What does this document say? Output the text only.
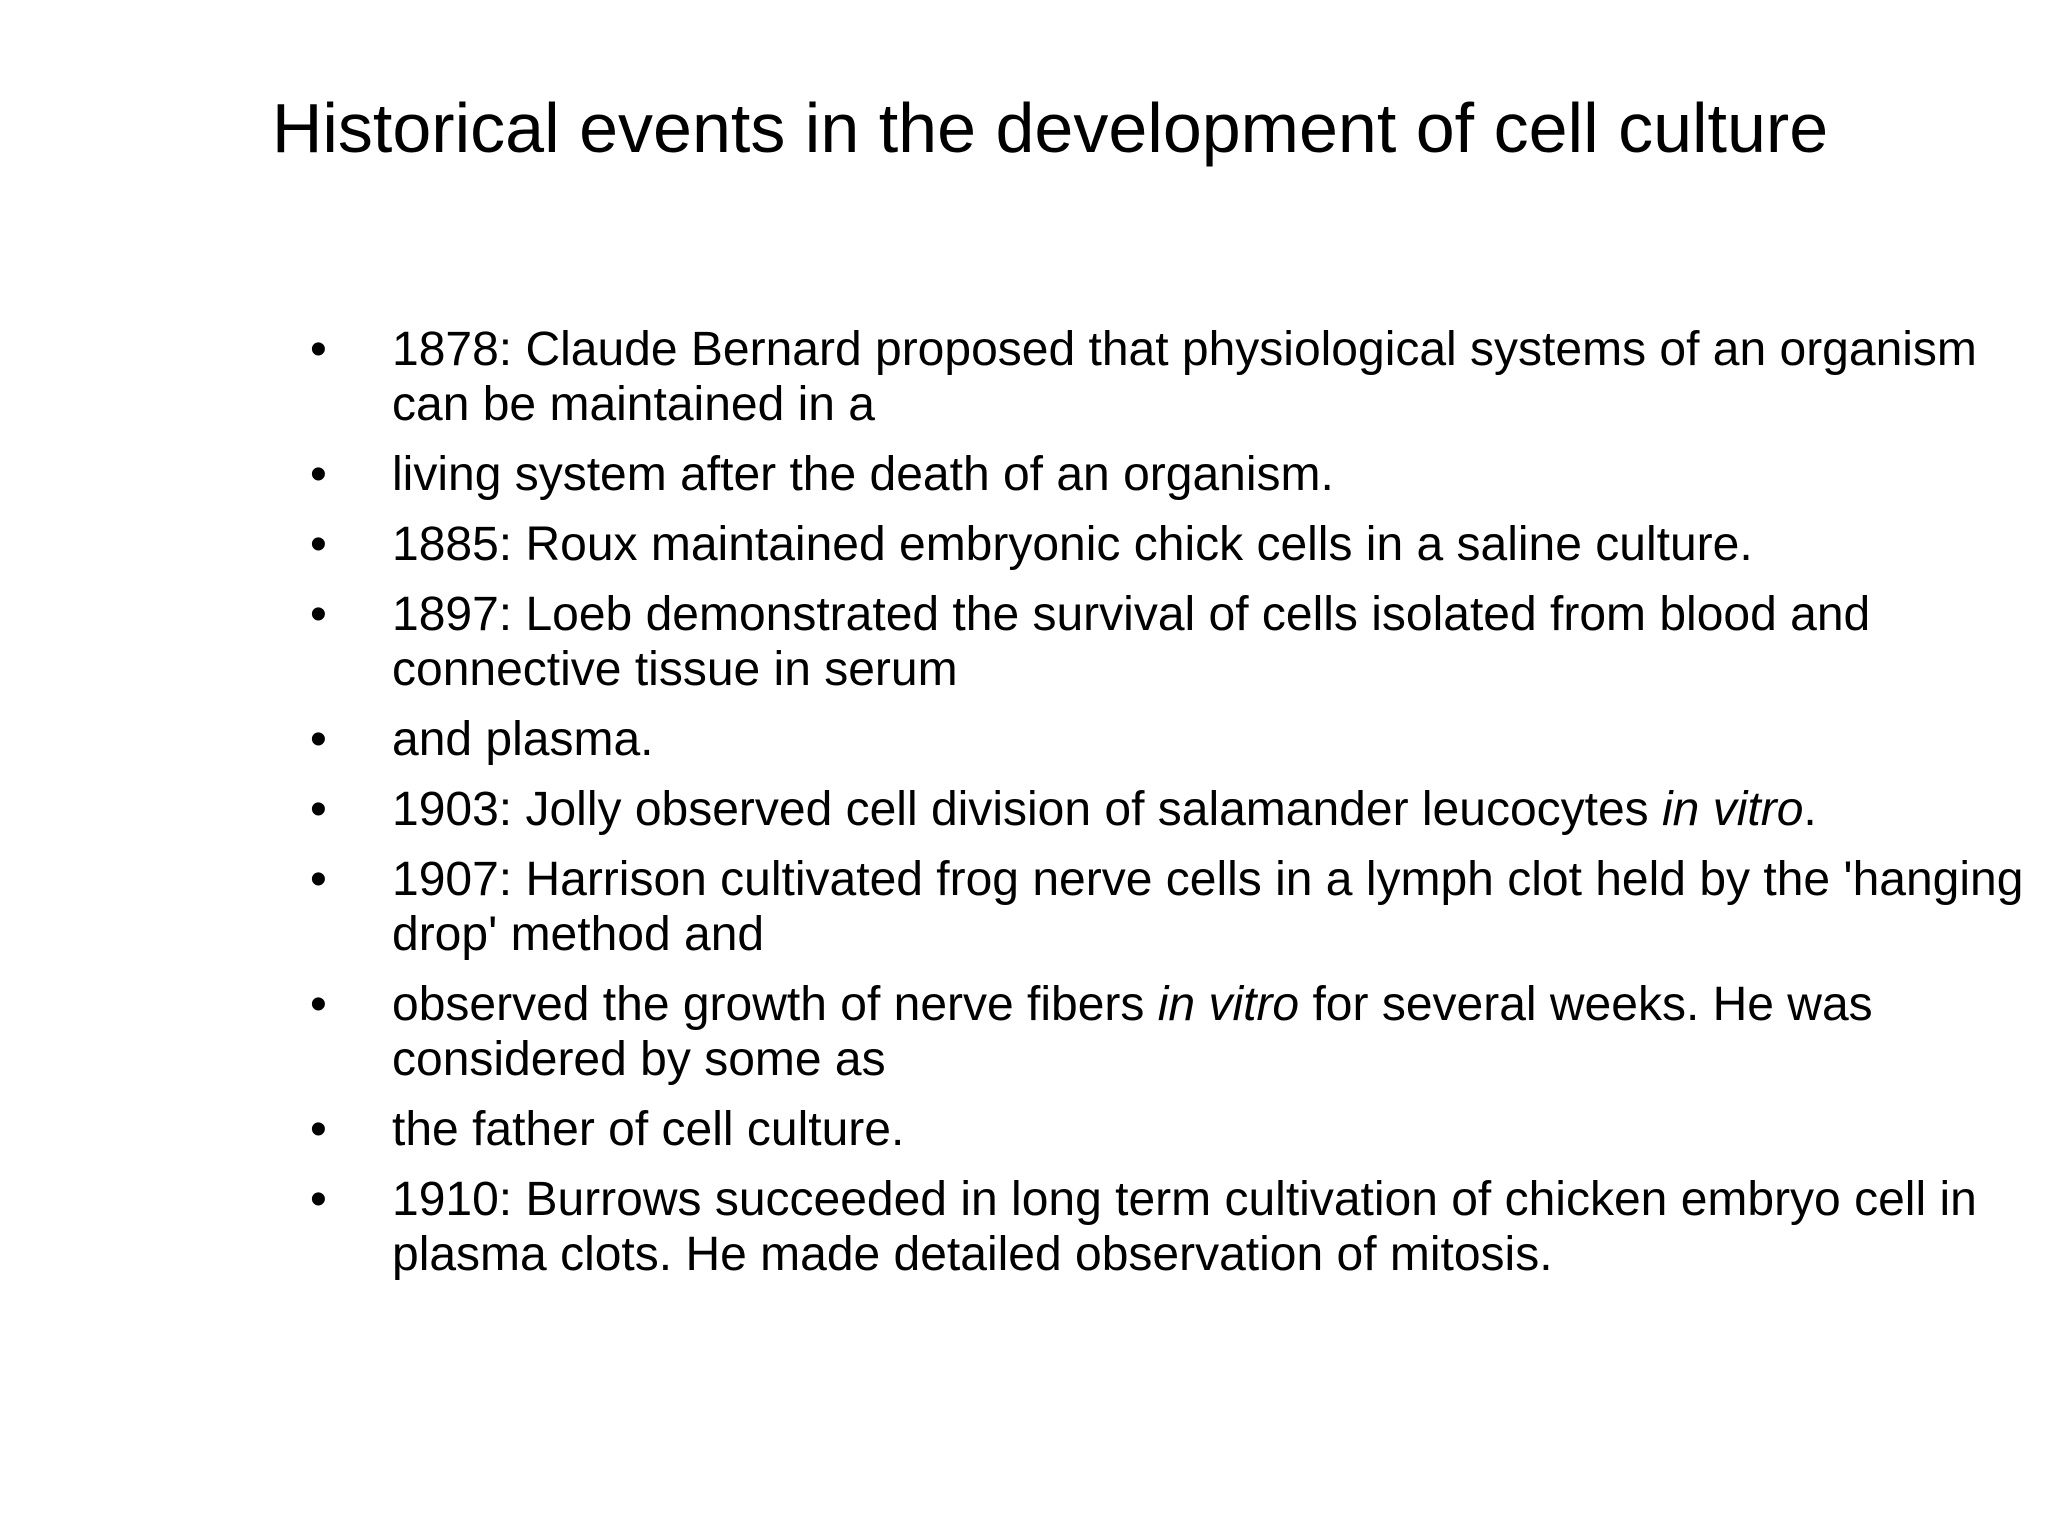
Historical events in the development of cell culture
• 1878: Claude Bernard proposed that physiological systems of an organism can be maintained in a
• living system after the death of an organism.
• 1885: Roux maintained embryonic chick cells in a saline culture.
• 1897: Loeb demonstrated the survival of cells isolated from blood and connective tissue in serum
• and plasma.
• 1903: Jolly observed cell division of salamander leucocytes in vitro.
• 1907: Harrison cultivated frog nerve cells in a lymph clot held by the 'hanging drop' method and
• observed the growth of nerve fibers in vitro for several weeks. He was considered by some as
• the father of cell culture.
• 1910: Burrows succeeded in long term cultivation of chicken embryo cell in plasma clots. He made detailed observation of mitosis.
